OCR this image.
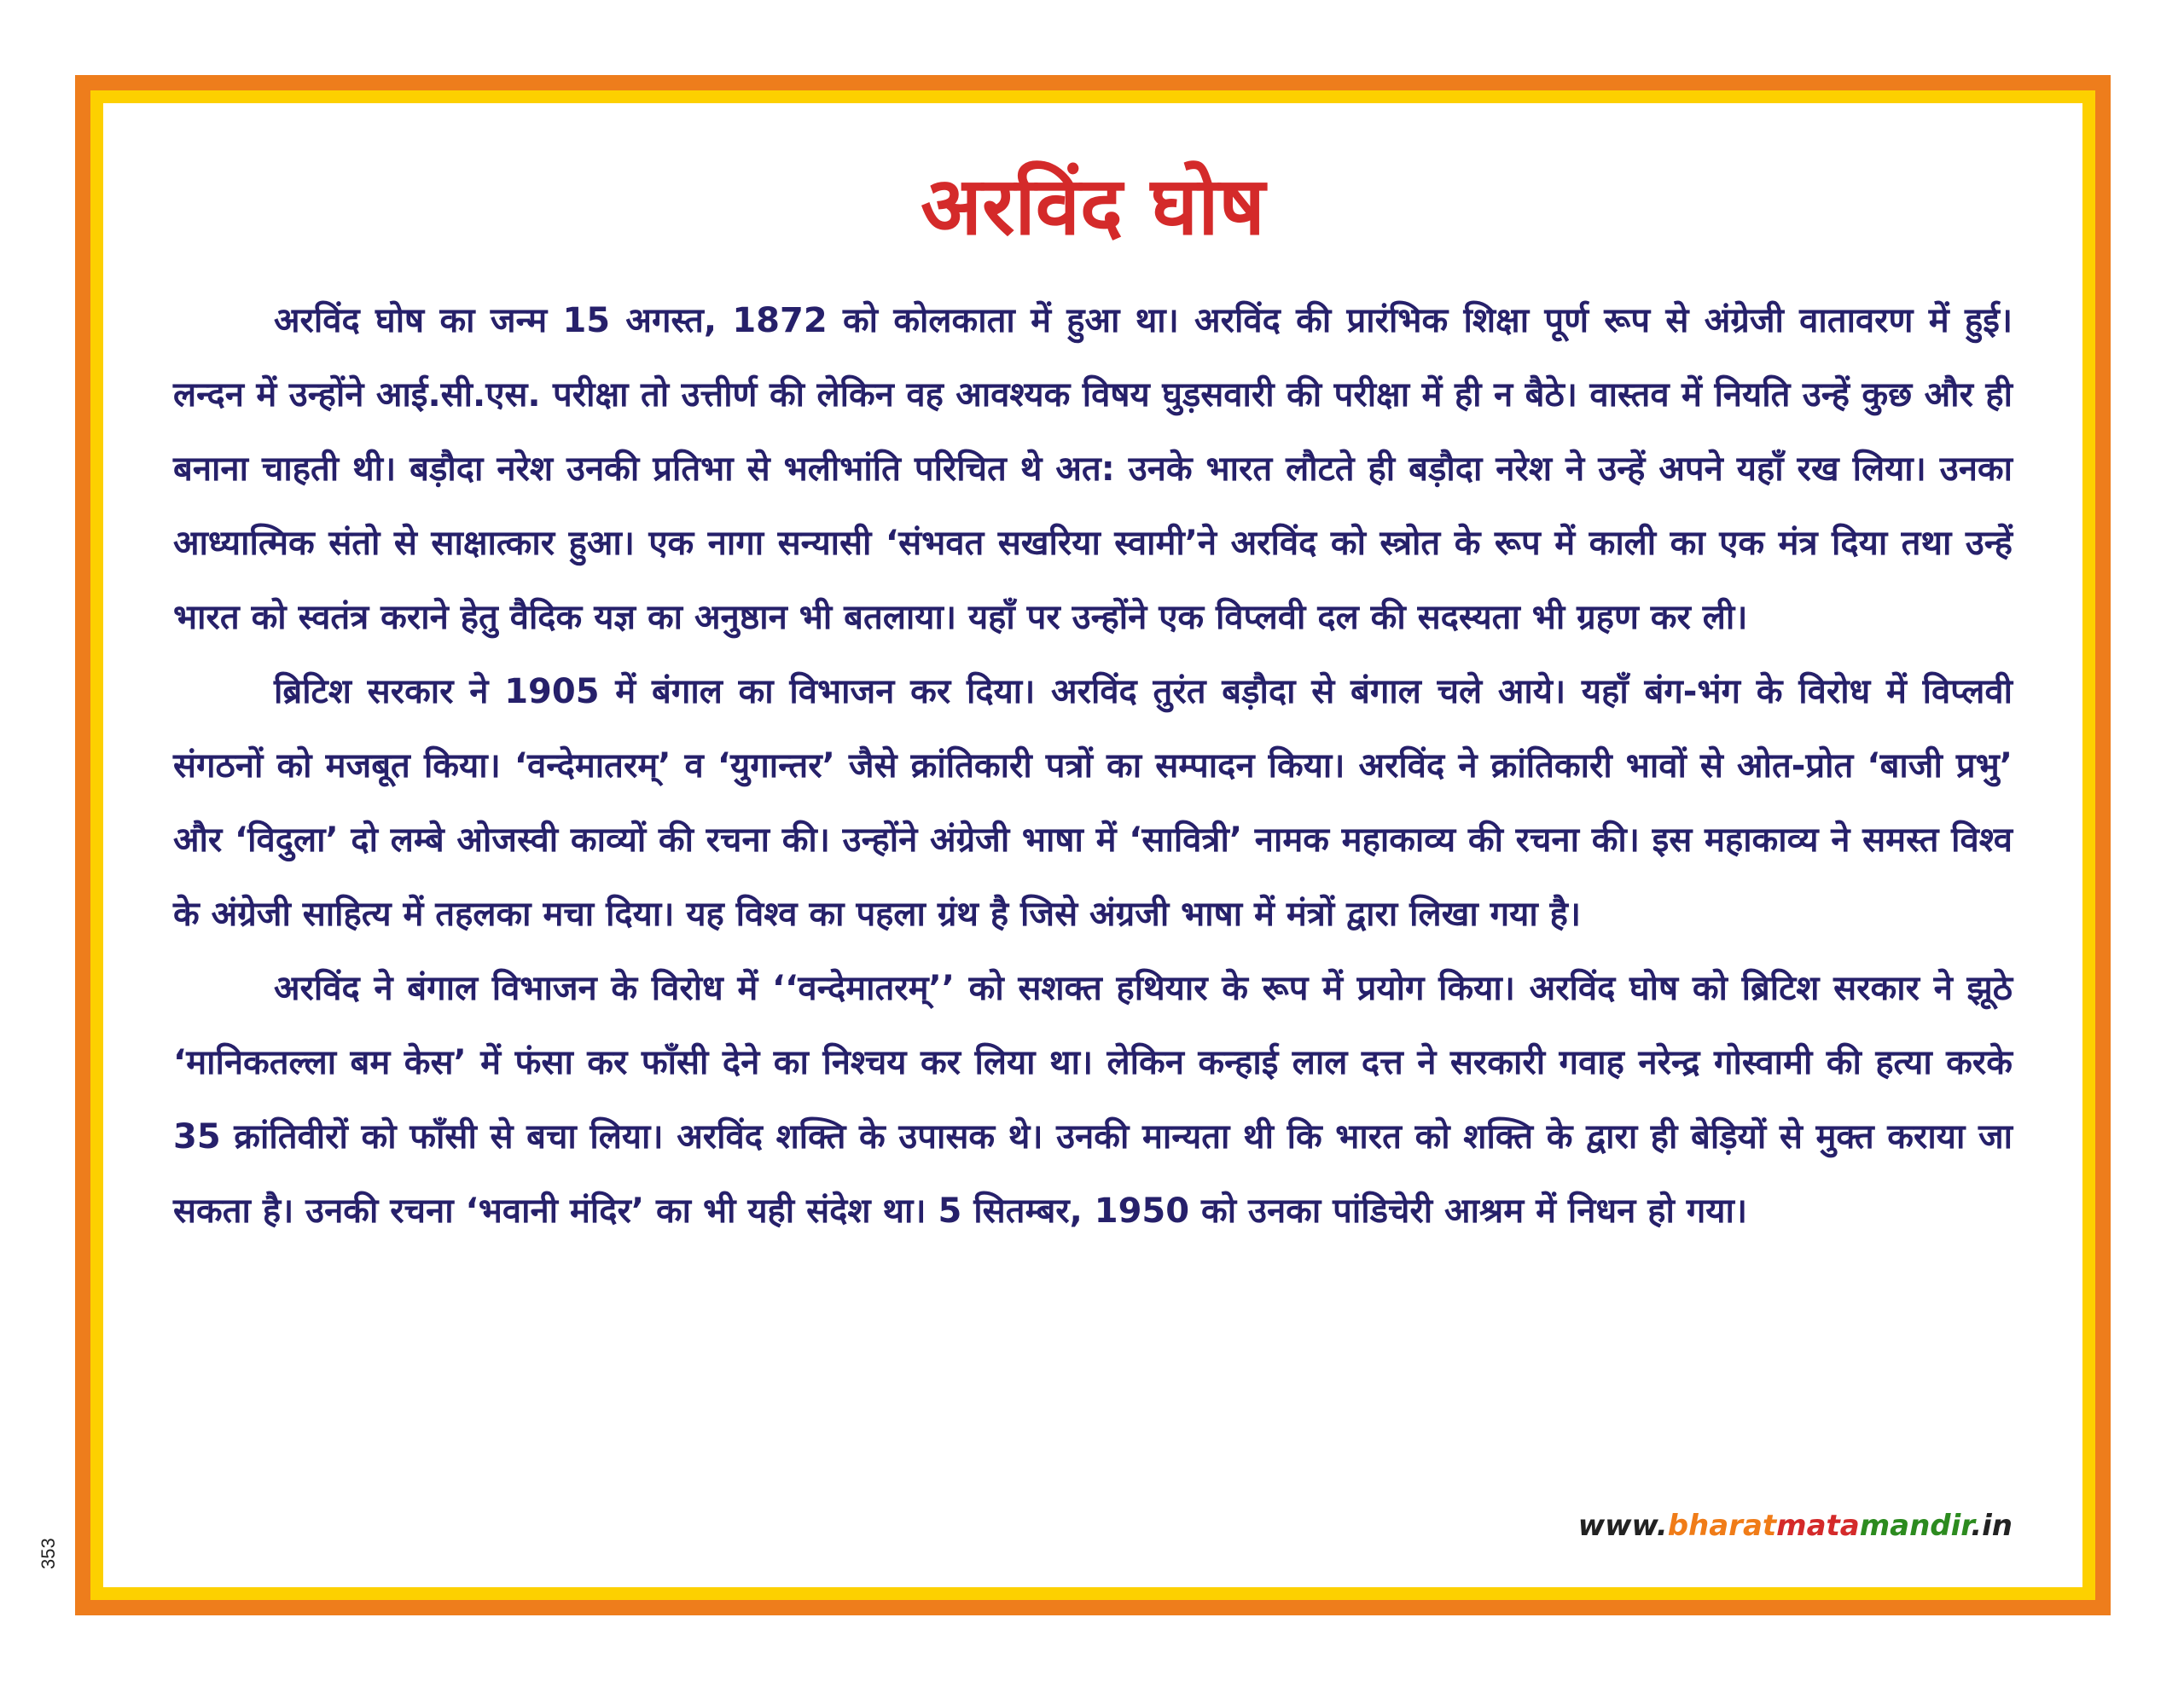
अरविंद घोष

अरविंद घोष का जन्म 15 अगस्त, 1872 को कोलकाता में हुआ था। अरविंद की प्रारंभिक शिक्षा पूर्ण रूप से अंग्रेजी वातावरण में हुई। लन्दन में उन्होंने आई.सी.एस. परीक्षा तो उत्तीर्ण की लेकिन वह आवश्यक विषय घुड़सवारी की परीक्षा में ही न बैठे। वास्तव में नियति उन्हें कुछ और ही बनाना चाहती थी। बड़ौदा नरेश उनकी प्रतिभा से भलीभांति परिचित थे अत: उनके भारत लौटते ही बड़ौदा नरेश ने उन्हें अपने यहाँ रख लिया। उनका आध्यात्मिक संतो से साक्षात्कार हुआ। एक नागा सन्यासी ‘संभवत सखरिया स्वामी’ने अरविंद को स्त्रोत के रूप में काली का एक मंत्र दिया तथा उन्हें भारत को स्वतंत्र कराने हेतु वैदिक यज्ञ का अनुष्ठान भी बतलाया। यहाँ पर उन्होंने एक विप्लवी दल की सदस्यता भी ग्रहण कर ली।

ब्रिटिश सरकार ने 1905 में बंगाल का विभाजन कर दिया। अरविंद तुरंत बड़ौदा से बंगाल चले आये। यहाँ बंग-भंग के विरोध में विप्लवी संगठनों को मजबूत किया। ‘वन्देमातरम्’ व ‘युगान्तर’ जैसे क्रांतिकारी पत्रों का सम्पादन किया। अरविंद ने क्रांतिकारी भावों से ओत-प्रोत ‘बाजी प्रभु’ और ‘विदुला’ दो लम्बे ओजस्वी काव्यों की रचना की। उन्होंने अंग्रेजी भाषा में ‘सावित्री’ नामक महाकाव्य की रचना की। इस महाकाव्य ने समस्त विश्व के अंग्रेजी साहित्य में तहलका मचा दिया। यह विश्व का पहला ग्रंथ है जिसे अंग्रजी भाषा में मंत्रों द्वारा लिखा गया है।

अरविंद ने बंगाल विभाजन के विरोध में ‘‘वन्देमातरम्’’ को सशक्त हथियार के रूप में प्रयोग किया। अरविंद घोष को ब्रिटिश सरकार ने झूठे ‘मानिकतल्ला बम केस’ में फंसा कर फाँसी देने का निश्चय कर लिया था। लेकिन कन्हाई लाल दत्त ने सरकारी गवाह नरेन्द्र गोस्वामी की हत्या करके 35 क्रांतिवीरों को फाँसी से बचा लिया। अरविंद शक्ति के उपासक थे। उनकी मान्यता थी कि भारत को शक्ति के द्वारा ही बेड़ियों से मुक्त कराया जा सकता है। उनकी रचना ‘भवानी मंदिर’ का भी यही संदेश था। 5 सितम्बर, 1950 को उनका पांडिचेरी आश्रम में निधन हो गया।

www.bharatmatamandir.in
353
